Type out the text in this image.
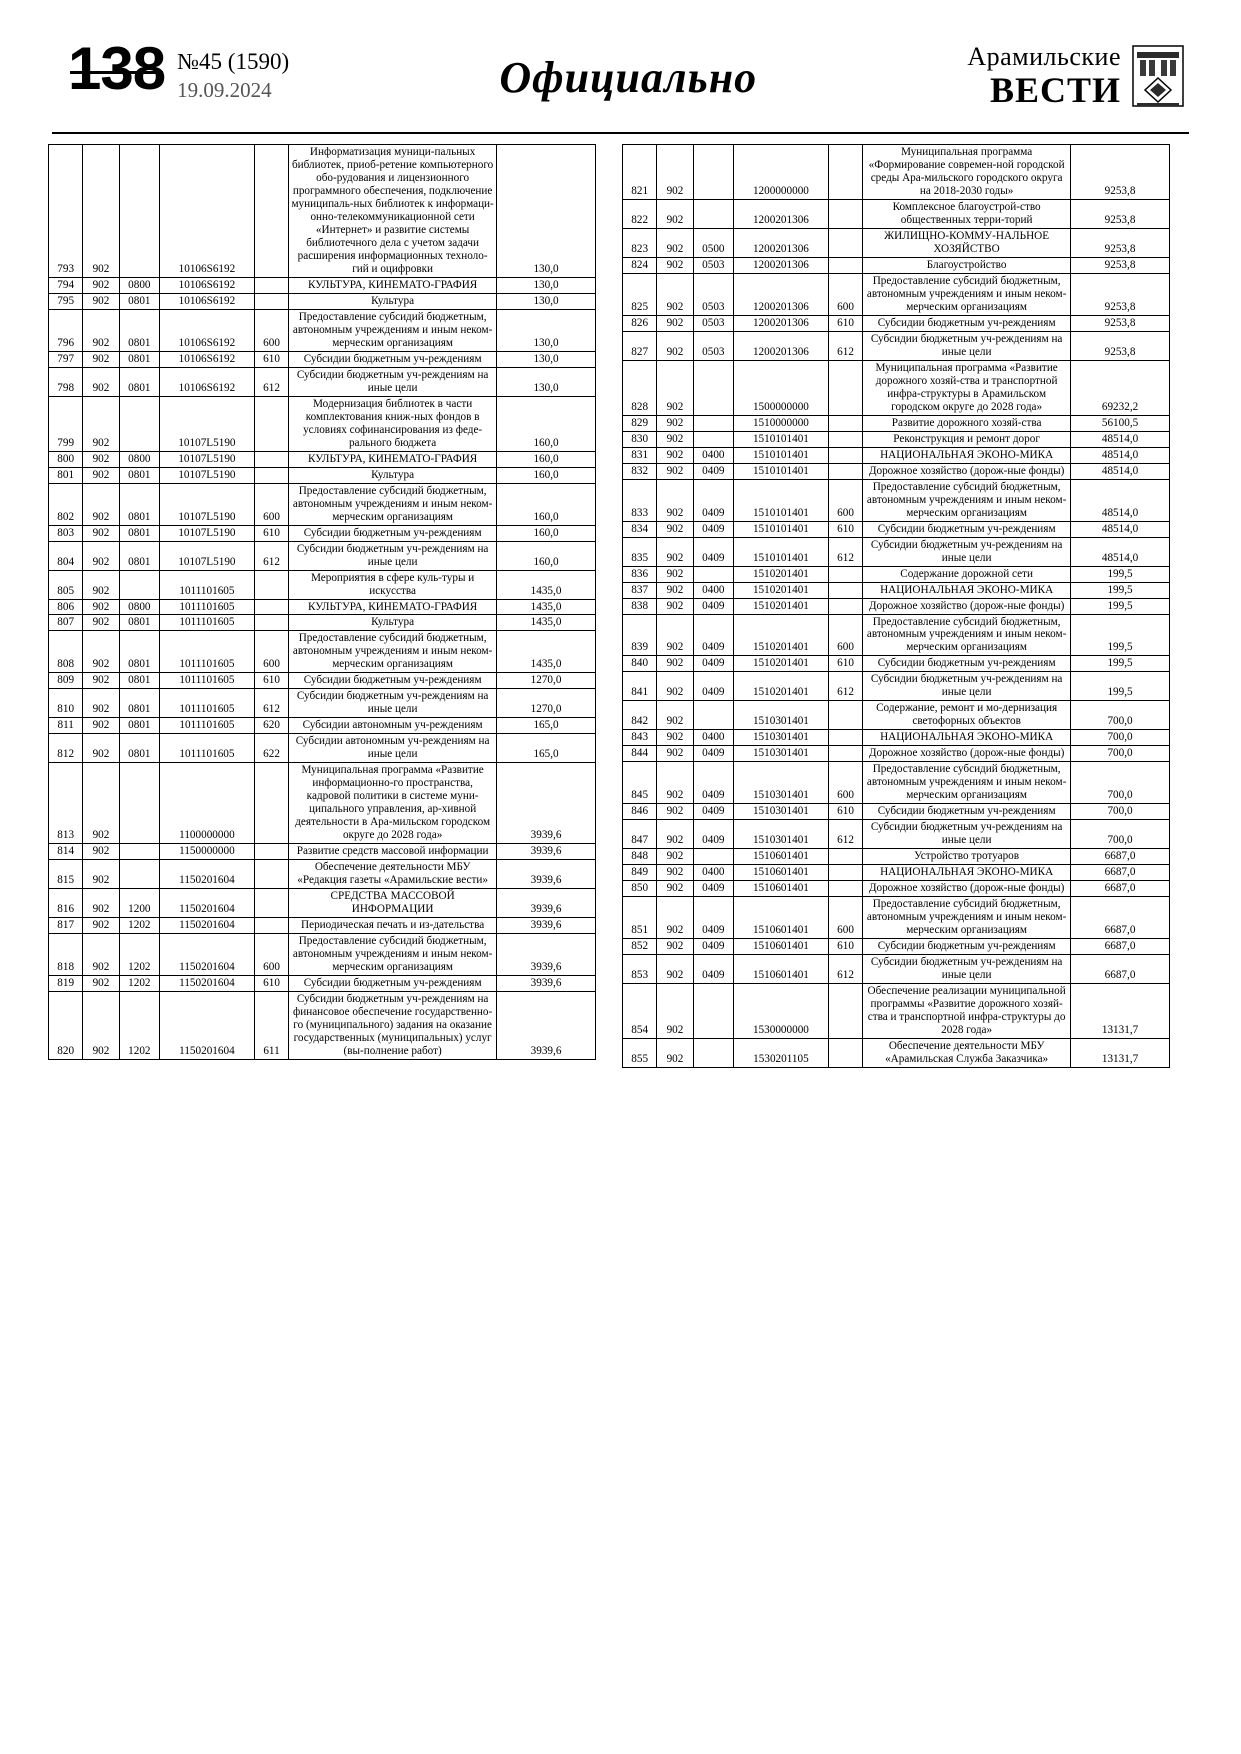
138 №45 (1590)
19.09.2024	Официально	Арамильские
ВЕСТИ
793	902		10106S6192		Информатизация муници-пальных библиотек, приоб-ретение компьютерного обо-рудования и лицензионного программного обеспечения, подключение муниципаль-ных библиотек к информаци-онно-телекоммуникационной сети «Интернет» и развитие системы библиотечного дела с учетом задачи расширения информационных техноло-гий и оцифровки	130,0
794	902	0800	10106S6192		КУЛЬТУРА, КИНЕМАТО-ГРАФИЯ	130,0
795	902	0801	10106S6192		Культура	130,0
796	902	0801	10106S6192	600	Предоставление субсидий бюджетным, автономным учреждениям и иным неком-мерческим организациям	130,0
797	902	0801	10106S6192	610	Субсидии бюджетным уч-реждениям	130,0
798	902	0801	10106S6192	612	Субсидии бюджетным уч-реждениям на иные цели	130,0
799	902		10107L5190		Модернизация библиотек в части комплектования книж-ных фондов в условиях софинансирования из феде-рального бюджета	160,0
800	902	0800	10107L5190		КУЛЬТУРА, КИНЕМАТО-ГРАФИЯ	160,0
801	902	0801	10107L5190		Культура	160,0
802	902	0801	10107L5190	600	Предоставление субсидий бюджетным, автономным учреждениям и иным неком-мерческим организациям	160,0
803	902	0801	10107L5190	610	Субсидии бюджетным уч-реждениям	160,0
804	902	0801	10107L5190	612	Субсидии бюджетным уч-реждениям на иные цели	160,0
805	902		1011101605		Мероприятия в сфере куль-туры и искусства	1435,0
806	902	0800	1011101605		КУЛЬТУРА, КИНЕМАТО-ГРАФИЯ	1435,0
807	902	0801	1011101605		Культура	1435,0
808	902	0801	1011101605	600	Предоставление субсидий бюджетным, автономным учреждениям и иным неком-мерческим организациям	1435,0
809	902	0801	1011101605	610	Субсидии бюджетным уч-реждениям	1270,0
810	902	0801	1011101605	612	Субсидии бюджетным уч-реждениям на иные цели	1270,0
811	902	0801	1011101605	620	Субсидии автономным уч-реждениям	165,0
812	902	0801	1011101605	622	Субсидии автономным уч-реждениям на иные цели	165,0
813	902		1100000000		Муниципальная программа «Развитие информационно-го пространства, кадровой политики в системе муни-ципального управления, ар-хивной деятельности в Ара-мильском городском округе до 2028 года»	3939,6
814	902		1150000000		Развитие средств массовой информации	3939,6
815	902		1150201604		Обеспечение деятельности МБУ «Редакция газеты «Арамильские вести»	3939,6
816	902	1200	1150201604		СРЕДСТВА МАССОВОЙ ИНФОРМАЦИИ	3939,6
817	902	1202	1150201604		Периодическая печать и из-дательства	3939,6
818	902	1202	1150201604	600	Предоставление субсидий бюджетным, автономным учреждениям и иным неком-мерческим организациям	3939,6
819	902	1202	1150201604	610	Субсидии бюджетным уч-реждениям	3939,6
820	902	1202	1150201604	611	Субсидии бюджетным уч-реждениям на финансовое обеспечение государственно-го (муниципального) задания на оказание государственных (муниципальных) услуг (вы-полнение работ)	3939,6
821	902		1200000000		Муниципальная программа «Формирование современ-ной городской среды Ара-мильского городского округа на 2018-2030 годы»	9253,8
822	902		1200201306		Комплексное благоустрой-ство общественных терри-торий	9253,8
823	902	0500	1200201306		ЖИЛИЩНО-КОММУ-НАЛЬНОЕ ХОЗЯЙСТВО	9253,8
824	902	0503	1200201306		Благоустройство	9253,8
825	902	0503	1200201306	600	Предоставление субсидий бюджетным, автономным учреждениям и иным неком-мерческим организациям	9253,8
826	902	0503	1200201306	610	Субсидии бюджетным уч-реждениям	9253,8
827	902	0503	1200201306	612	Субсидии бюджетным уч-реждениям на иные цели	9253,8
828	902		1500000000		Муниципальная программа «Развитие дорожного хозяй-ства и транспортной инфра-структуры в Арамильском городском округе до 2028 года»	69232,2
829	902		1510000000		Развитие дорожного хозяй-ства	56100,5
830	902		1510101401		Реконструкция и ремонт дорог	48514,0
831	902	0400	1510101401		НАЦИОНАЛЬНАЯ ЭКОНО-МИКА	48514,0
832	902	0409	1510101401		Дорожное хозяйство (дорож-ные фонды)	48514,0
833	902	0409	1510101401	600	Предоставление субсидий бюджетным, автономным учреждениям и иным неком-мерческим организациям	48514,0
834	902	0409	1510101401	610	Субсидии бюджетным уч-реждениям	48514,0
835	902	0409	1510101401	612	Субсидии бюджетным уч-реждениям на иные цели	48514,0
836	902		1510201401		Содержание дорожной сети	199,5
837	902	0400	1510201401		НАЦИОНАЛЬНАЯ ЭКОНО-МИКА	199,5
838	902	0409	1510201401		Дорожное хозяйство (дорож-ные фонды)	199,5
839	902	0409	1510201401	600	Предоставление субсидий бюджетным, автономным учреждениям и иным неком-мерческим организациям	199,5
840	902	0409	1510201401	610	Субсидии бюджетным уч-реждениям	199,5
841	902	0409	1510201401	612	Субсидии бюджетным уч-реждениям на иные цели	199,5
842	902		1510301401		Содержание, ремонт и мо-дернизация светофорных объектов	700,0
843	902	0400	1510301401		НАЦИОНАЛЬНАЯ ЭКОНО-МИКА	700,0
844	902	0409	1510301401		Дорожное хозяйство (дорож-ные фонды)	700,0
845	902	0409	1510301401	600	Предоставление субсидий бюджетным, автономным учреждениям и иным неком-мерческим организациям	700,0
846	902	0409	1510301401	610	Субсидии бюджетным уч-реждениям	700,0
847	902	0409	1510301401	612	Субсидии бюджетным уч-реждениям на иные цели	700,0
848	902		1510601401		Устройство тротуаров	6687,0
849	902	0400	1510601401		НАЦИОНАЛЬНАЯ ЭКОНО-МИКА	6687,0
850	902	0409	1510601401		Дорожное хозяйство (дорож-ные фонды)	6687,0
851	902	0409	1510601401	600	Предоставление субсидий бюджетным, автономным учреждениям и иным неком-мерческим организациям	6687,0
852	902	0409	1510601401	610	Субсидии бюджетным уч-реждениям	6687,0
853	902	0409	1510601401	612	Субсидии бюджетным уч-реждениям на иные цели	6687,0
854	902		1530000000		Обеспечение реализации муниципальной программы «Развитие дорожного хозяй-ства и транспортной инфра-структуры до 2028 года»	13131,7
855	902		1530201105		Обеспечение деятельности МБУ «Арамильская Служба Заказчика»	13131,7
